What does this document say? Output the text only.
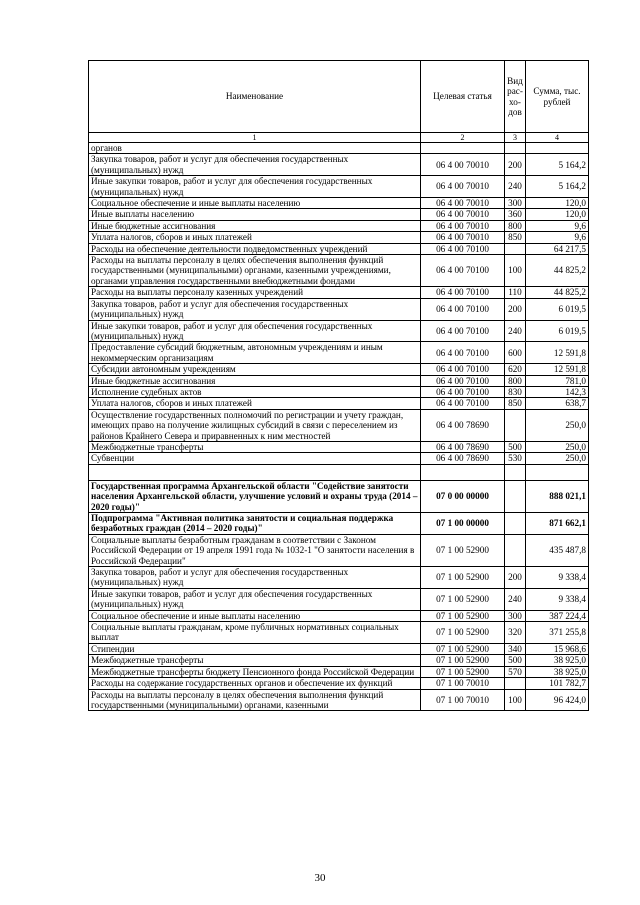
Наименование	Целевая статья	Вид рас-хо-дов	Сумма, тыс. рублей
1	2	3	4
органов			
Закупка товаров, работ и услуг для обеспечения государственных (муниципальных) нужд	06 4 00 70010	200	5 164,2
Иные закупки товаров, работ и услуг для обеспечения государственных (муниципальных) нужд	06 4 00 70010	240	5 164,2
Социальное обеспечение и иные выплаты населению	06 4 00 70010	300	120,0
Иные выплаты населению	06 4 00 70010	360	120,0
Иные бюджетные ассигнования	06 4 00 70010	800	9,6
Уплата налогов, сборов и иных платежей	06 4 00 70010	850	9,6
Расходы на обеспечение деятельности подведомственных учреждений	06 4 00 70100		64 217,5
Расходы на выплаты персоналу в целях обеспечения выполнения функций государственными (муниципальными) органами, казенными учреждениями, органами управления государственными внебюджетными фондами	06 4 00 70100	100	44 825,2
Расходы на выплаты персоналу казенных учреждений	06 4 00 70100	110	44 825,2
Закупка товаров, работ и услуг для обеспечения государственных (муниципальных) нужд	06 4 00 70100	200	6 019,5
Иные закупки товаров, работ и услуг для обеспечения государственных (муниципальных) нужд	06 4 00 70100	240	6 019,5
Предоставление субсидий бюджетным, автономным учреждениям и иным некоммерческим организациям	06 4 00 70100	600	12 591,8
Субсидии автономным учреждениям	06 4 00 70100	620	12 591,8
Иные бюджетные ассигнования	06 4 00 70100	800	781,0
Исполнение судебных актов	06 4 00 70100	830	142,3
Уплата налогов, сборов и иных платежей	06 4 00 70100	850	638,7
Осуществление государственных полномочий по регистрации и учету граждан, имеющих право на получение жилищных субсидий в связи с переселением из районов Крайнего Севера и приравненных к ним местностей	06 4 00 78690		250,0
Межбюджетные трансферты	06 4 00 78690	500	250,0
Субвенции	06 4 00 78690	530	250,0

Государственная программа Архангельской области "Содействие занятости населения Архангельской области, улучшение условий и охраны труда (2014 – 2020 годы)"	07 0 00 00000		888 021,1
Подпрограмма "Активная политика занятости и социальная поддержка безработных граждан (2014 – 2020 годы)"	07 1 00 00000		871 662,1
Социальные выплаты безработным гражданам в соответствии с Законом Российской Федерации от 19 апреля 1991 года № 1032-1 "О занятости населения в Российской Федерации"	07 1 00 52900		435 487,8
Закупка товаров, работ и услуг для обеспечения государственных (муниципальных) нужд	07 1 00 52900	200	9 338,4
Иные закупки товаров, работ и услуг для обеспечения государственных (муниципальных) нужд	07 1 00 52900	240	9 338,4
Социальное обеспечение и иные выплаты населению	07 1 00 52900	300	387 224,4
Социальные выплаты гражданам, кроме публичных нормативных социальных выплат	07 1 00 52900	320	371 255,8
Стипендии	07 1 00 52900	340	15 968,6
Межбюджетные трансферты	07 1 00 52900	500	38 925,0
Межбюджетные трансферты бюджету Пенсионного фонда Российской Федерации	07 1 00 52900	570	38 925,0
Расходы на содержание государственных органов и обеспечение их функций	07 1 00 70010		101 782,7
Расходы на выплаты персоналу в целях обеспечения выполнения функций государственными (муниципальными) органами, казенными	07 1 00 70010	100	96 424,0
30
